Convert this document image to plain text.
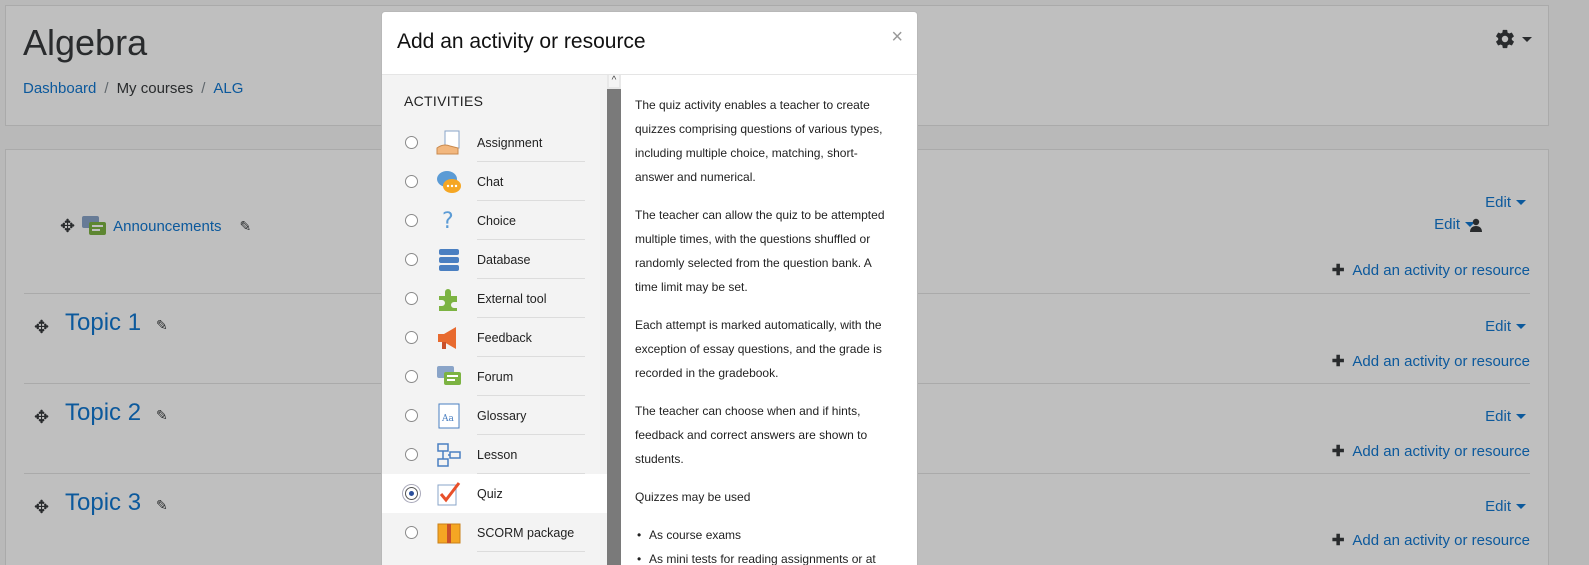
Algebra
Dashboard / My courses / ALG
Edit
✥	Announcements ✎	Edit
✚ Add an activity or resource
✥ Topic 1 ✎	Edit
✚ Add an activity or resource
✥ Topic 2 ✎	Edit
✚ Add an activity or resource
✥ Topic 3 ✎	Edit
✚ Add an activity or resource
Add an activity or resource	×
ACTIVITIES
Assignment
Chat
? Choice
Database
External tool
Feedback
Forum
Aa Glossary
Lesson
Quiz
SCORM package
^

The quiz activity enables a teacher to create quizzes comprising questions of various types, including multiple choice, matching, short-answer and numerical.

The teacher can allow the quiz to be attempted multiple times, with the questions shuffled or randomly selected from the question bank. A time limit may be set.

Each attempt is marked automatically, with the exception of essay questions, and the grade is recorded in the gradebook.

The teacher can choose when and if hints, feedback and correct answers are shown to students.

Quizzes may be used

• As course exams
• As mini tests for reading assignments or at
